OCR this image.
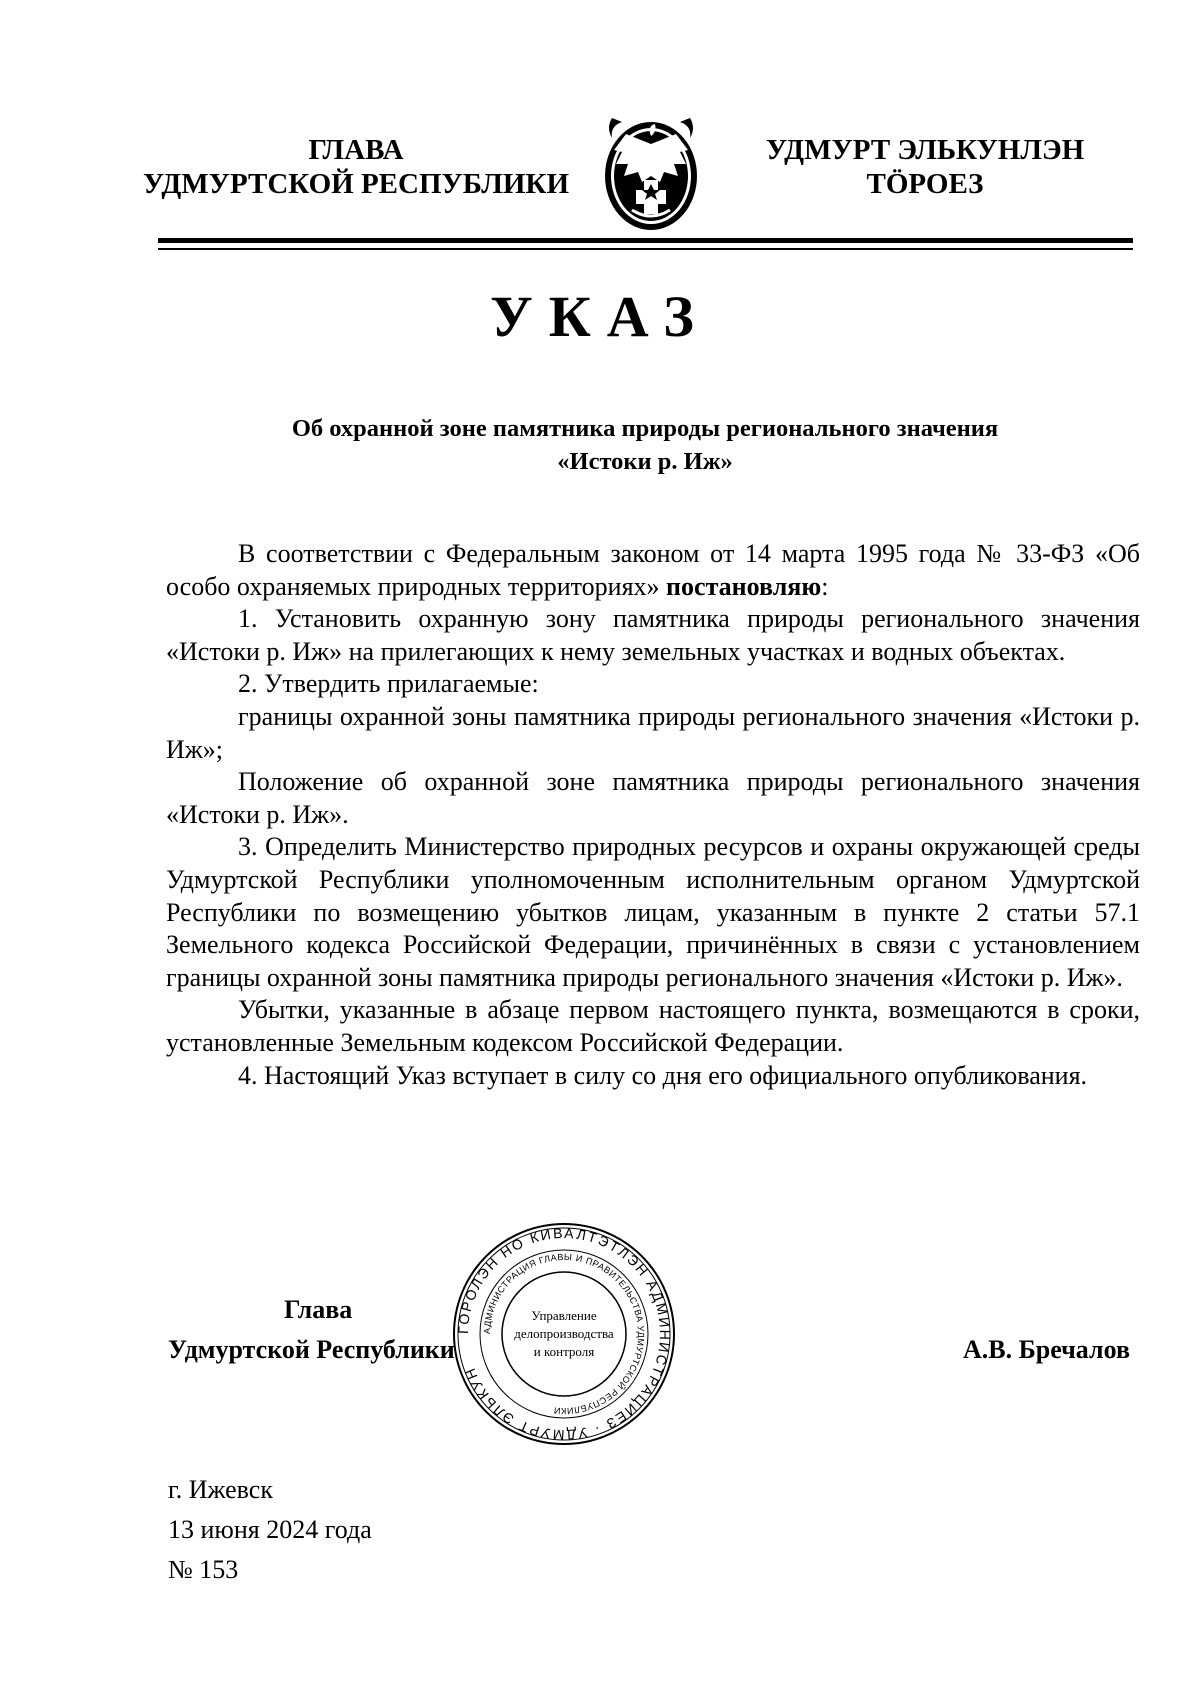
ГЛАВА
УДМУРТСКОЙ РЕСПУБЛИКИ
УДМУРТ ЭЛЬКУНЛЭН
ТӦРОЕЗ
УКАЗ
Об охранной зоне памятника природы регионального значения
«Истоки р. Иж»

В соответствии с Федеральным законом от 14 марта 1995 года № 33-ФЗ «Об особо охраняемых природных территориях» постановляю:

1. Установить охранную зону памятника природы регионального значения «Истоки р. Иж» на прилегающих к нему земельных участках и водных объектах.

2. Утвердить прилагаемые:

границы охранной зоны памятника природы регионального значения «Истоки р. Иж»;

Положение об охранной зоне памятника природы регионального значения «Истоки р. Иж».

3. Определить Министерство природных ресурсов и охраны окружающей среды Удмуртской Республики уполномоченным исполнительным органом Удмуртской Республики по возмещению убытков лицам, указанным в пункте 2 статьи 57.1 Земельного кодекса Российской Федерации, причинённых в связи с установлением границы охранной зоны памятника природы регионального значения «Истоки р. Иж».

Убытки, указанные в абзаце первом настоящего пункта, возмещаются в сроки, установленные Земельным кодексом Российской Федерации.

4. Настоящий Указ вступает в силу со дня его официального опубликования.

Глава
Удмуртской Республики
ГОРОЛЭН НО КИВАЛТЭТЛЭН АДМИНИСТРАЦИЕЗ · УДМУРТ ЭЛЬКУН
АДМИНИСТРАЦИЯ ГЛАВЫ И ПРАВИТЕЛЬСТВА УДМУРТСКОЙ РЕСПУБЛИКИ
Управление
делопроизводства
и контроля	А.В. Бречалов
г. Ижевск
13 июня 2024 года
№ 153
